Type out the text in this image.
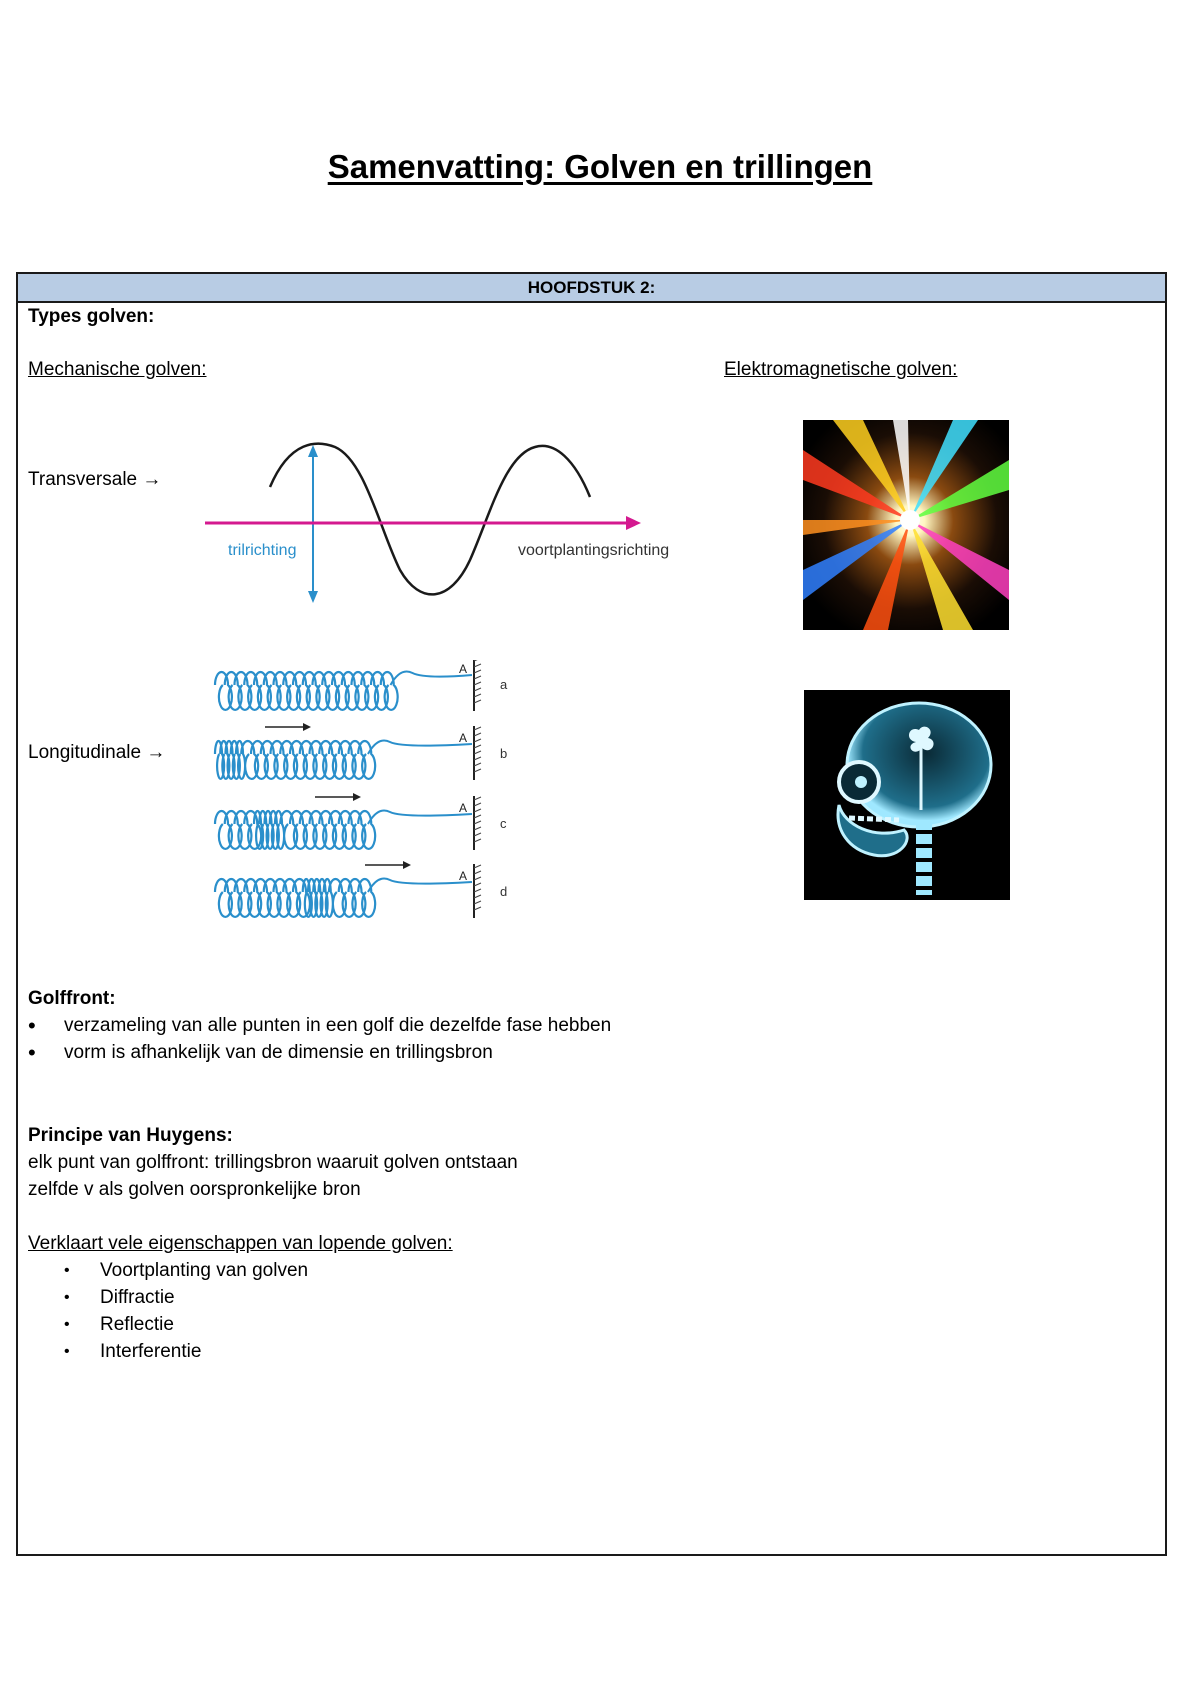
Samenvatting: Golven en trillingen
HOOFDSTUK 2:
Types golven:
Mechanische golven:	Elektromagnetische golven:
Transversale →
Longitudinale →
trilrichting	voortplantingsrichting
A
a
A
b
A
c
A
d
Golffront:
• verzameling van alle punten in een golf die dezelfde fase hebben
• vorm is afhankelijk van de dimensie en trillingsbron
Principe van Huygens:
elk punt van golffront: trillingsbron waaruit golven ontstaan
zelfde v als golven oorspronkelijke bron
Verklaart vele eigenschappen van lopende golven:
• Voortplanting van golven
• Diffractie
• Reflectie
• Interferentie
